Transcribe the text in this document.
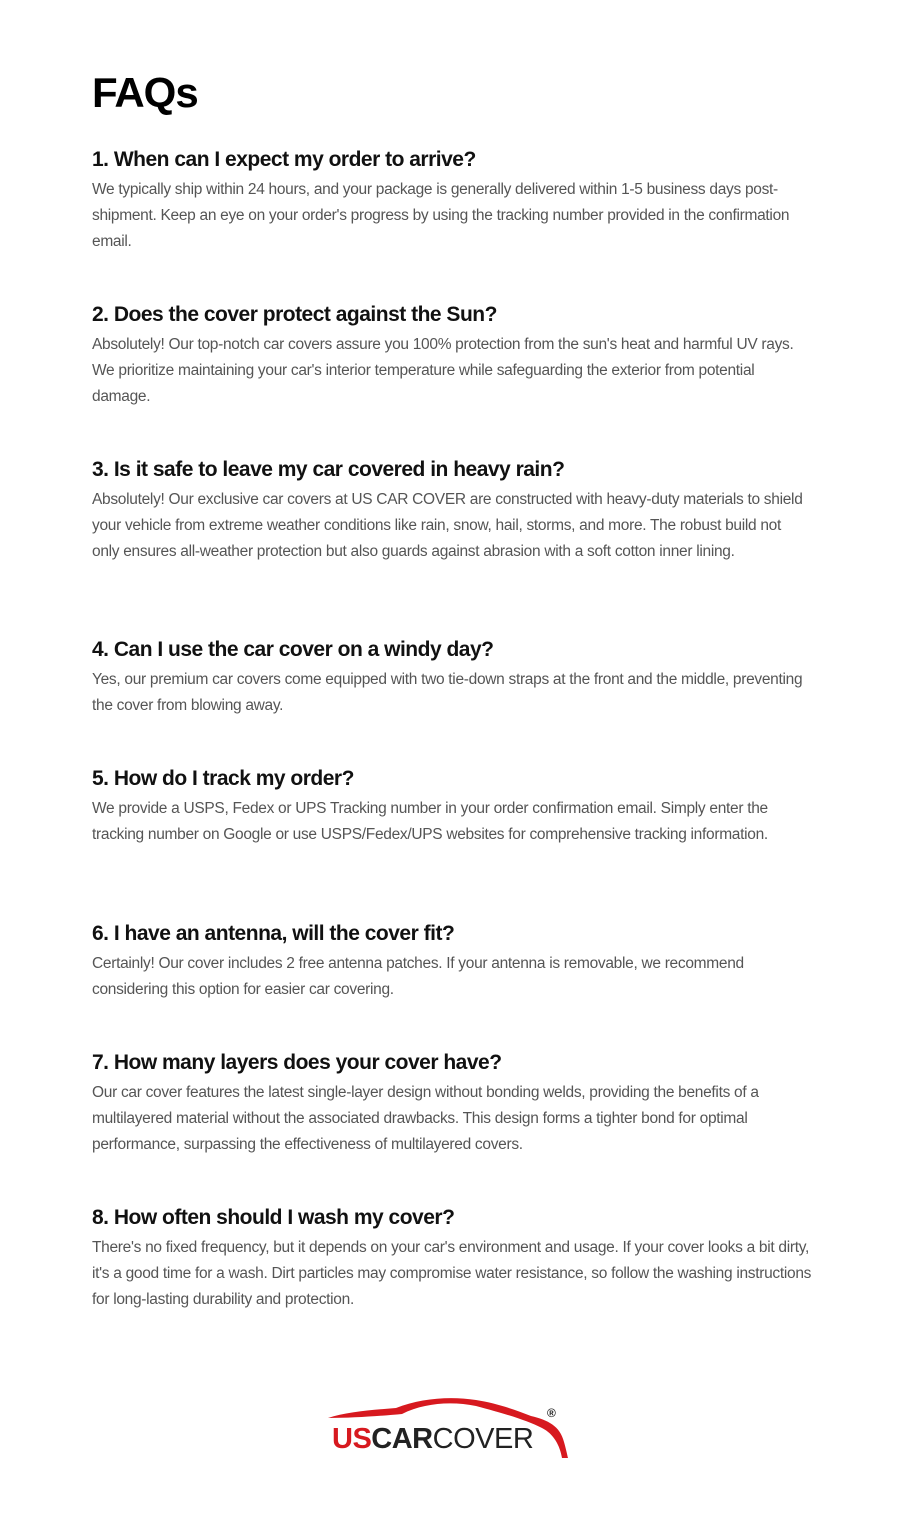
FAQs
1. When can I expect my order to arrive?

We typically ship within 24 hours, and your package is generally delivered within 1-5 business days post-shipment. Keep an eye on your order's progress by using the tracking number provided in the confirmation email.

2. Does the cover protect against the Sun?

Absolutely! Our top-notch car covers assure you 100% protection from the sun's heat and harmful UV rays. We prioritize maintaining your car's interior temperature while safeguarding the exterior from potential damage.

3. Is it safe to leave my car covered in heavy rain?

Absolutely! Our exclusive car covers at US CAR COVER are constructed with heavy-duty materials to shield your vehicle from extreme weather conditions like rain, snow, hail, storms, and more. The robust build not only ensures all-weather protection but also guards against abrasion with a soft cotton inner lining.

4. Can I use the car cover on a windy day?

Yes, our premium car covers come equipped with two tie-down straps at the front and the middle, preventing the cover from blowing away.

5. How do I track my order?

We provide a USPS, Fedex or UPS Tracking number in your order confirmation email. Simply enter the tracking number on Google or use USPS/Fedex/UPS websites for comprehensive tracking information.

6. I have an antenna, will the cover fit?

Certainly! Our cover includes 2 free antenna patches. If your antenna is removable, we recommend considering this option for easier car covering.

7. How many layers does your cover have?

Our car cover features the latest single-layer design without bonding welds, providing the benefits of a multilayered material without the associated drawbacks. This design forms a tighter bond for optimal performance, surpassing the effectiveness of multilayered covers.

8. How often should I wash my cover?

There's no fixed frequency, but it depends on your car's environment and usage. If your cover looks a bit dirty, it's a good time for a wash. Dirt particles may compromise water resistance, so follow the washing instructions for long-lasting durability and protection.

®
USCARCOVER
